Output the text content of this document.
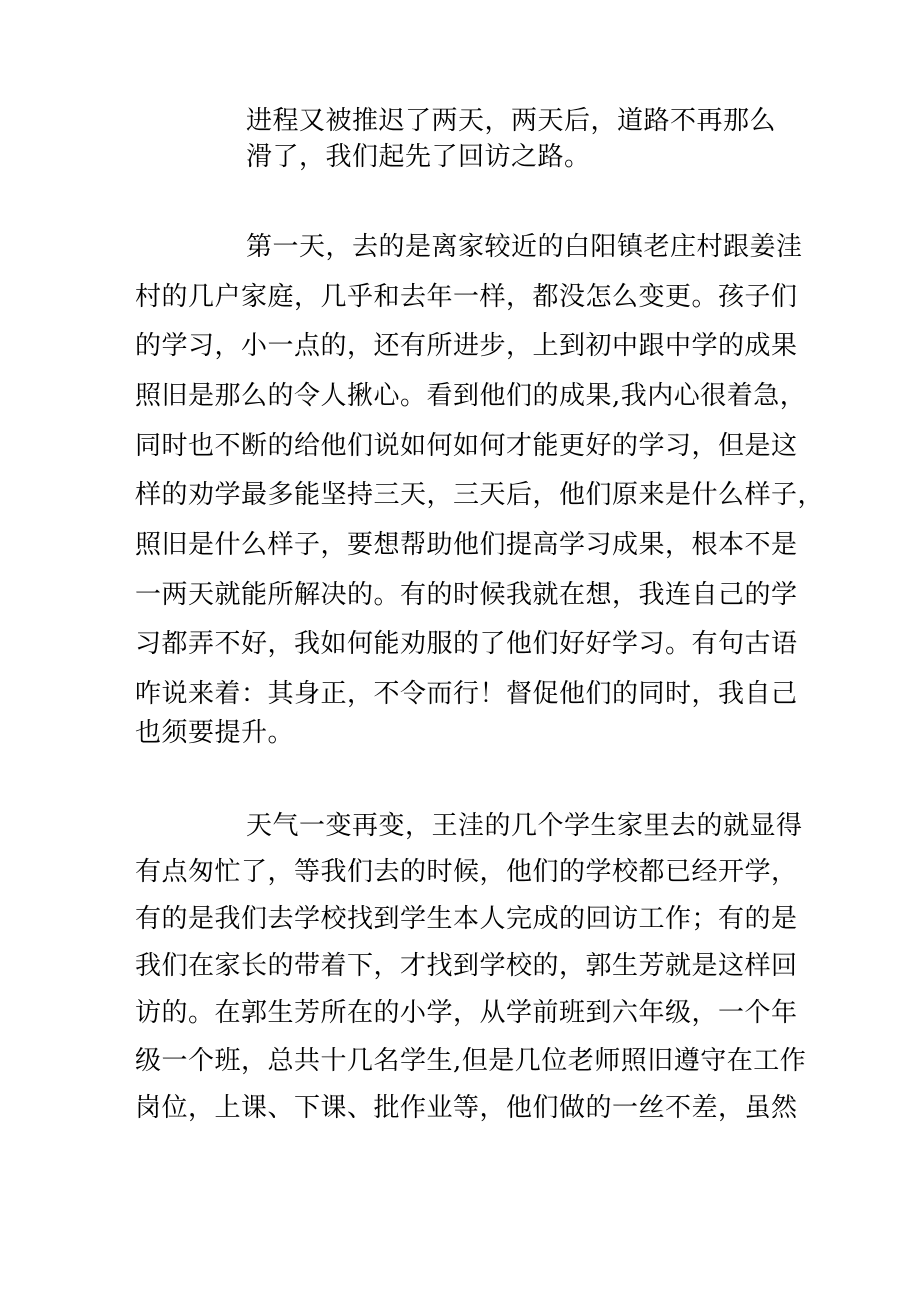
进程又被推迟了两天，两天后，道路不再那么
滑了，我们起先了回访之路。
第一天，去的是离家较近的白阳镇老庄村跟姜洼
村的几户家庭，几乎和去年一样，都没怎么变更。孩子们
的学习，小一点的，还有所进步，上到初中跟中学的成果
照旧是那么的令人揪心。看到他们的成果,我内心很着急，
同时也不断的给他们说如何如何才能更好的学习，但是这
样的劝学最多能坚持三天，三天后，他们原来是什么样子，
照旧是什么样子，要想帮助他们提高学习成果，根本不是
一两天就能所解决的。有的时候我就在想，我连自己的学
习都弄不好，我如何能劝服的了他们好好学习。有句古语
咋说来着：其身正，不令而行！督促他们的同时，我自己
也须要提升。
天气一变再变，王洼的几个学生家里去的就显得
有点匆忙了，等我们去的时候，他们的学校都已经开学，
有的是我们去学校找到学生本人完成的回访工作；有的是
我们在家长的带着下，才找到学校的，郭生芳就是这样回
访的。在郭生芳所在的小学，从学前班到六年级，一个年
级一个班，总共十几名学生,但是几位老师照旧遵守在工作
岗位，上课、下课、批作业等，他们做的一丝不差，虽然
